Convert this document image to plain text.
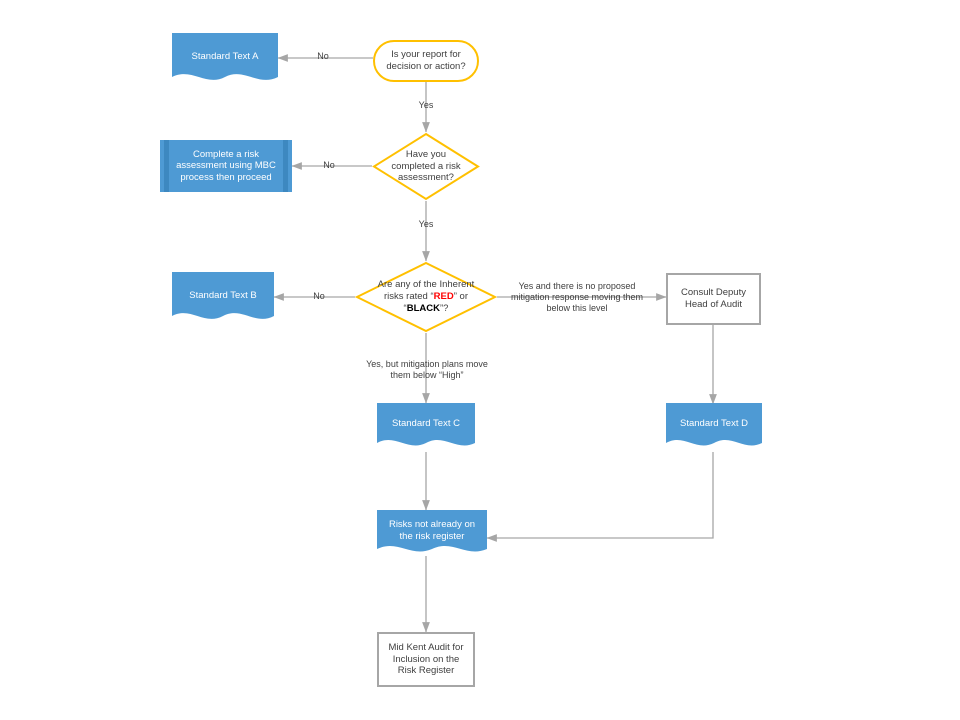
No
Yes
No
Yes
No
Yes and there is no proposed mitigation response moving them below this level
Yes, but mitigation plans move them below “High”
Is your report for decision or action?
Standard Text A
Have you completed a risk assessment?
Complete a risk assessment using MBC process then proceed
Are any of the Inherent risks rated “RED” or “BLACK”?
Standard Text B	Consult Deputy Head of Audit
Standard Text C	Standard Text D
Risks not already on the risk register
Mid Kent Audit for Inclusion on the Risk Register
